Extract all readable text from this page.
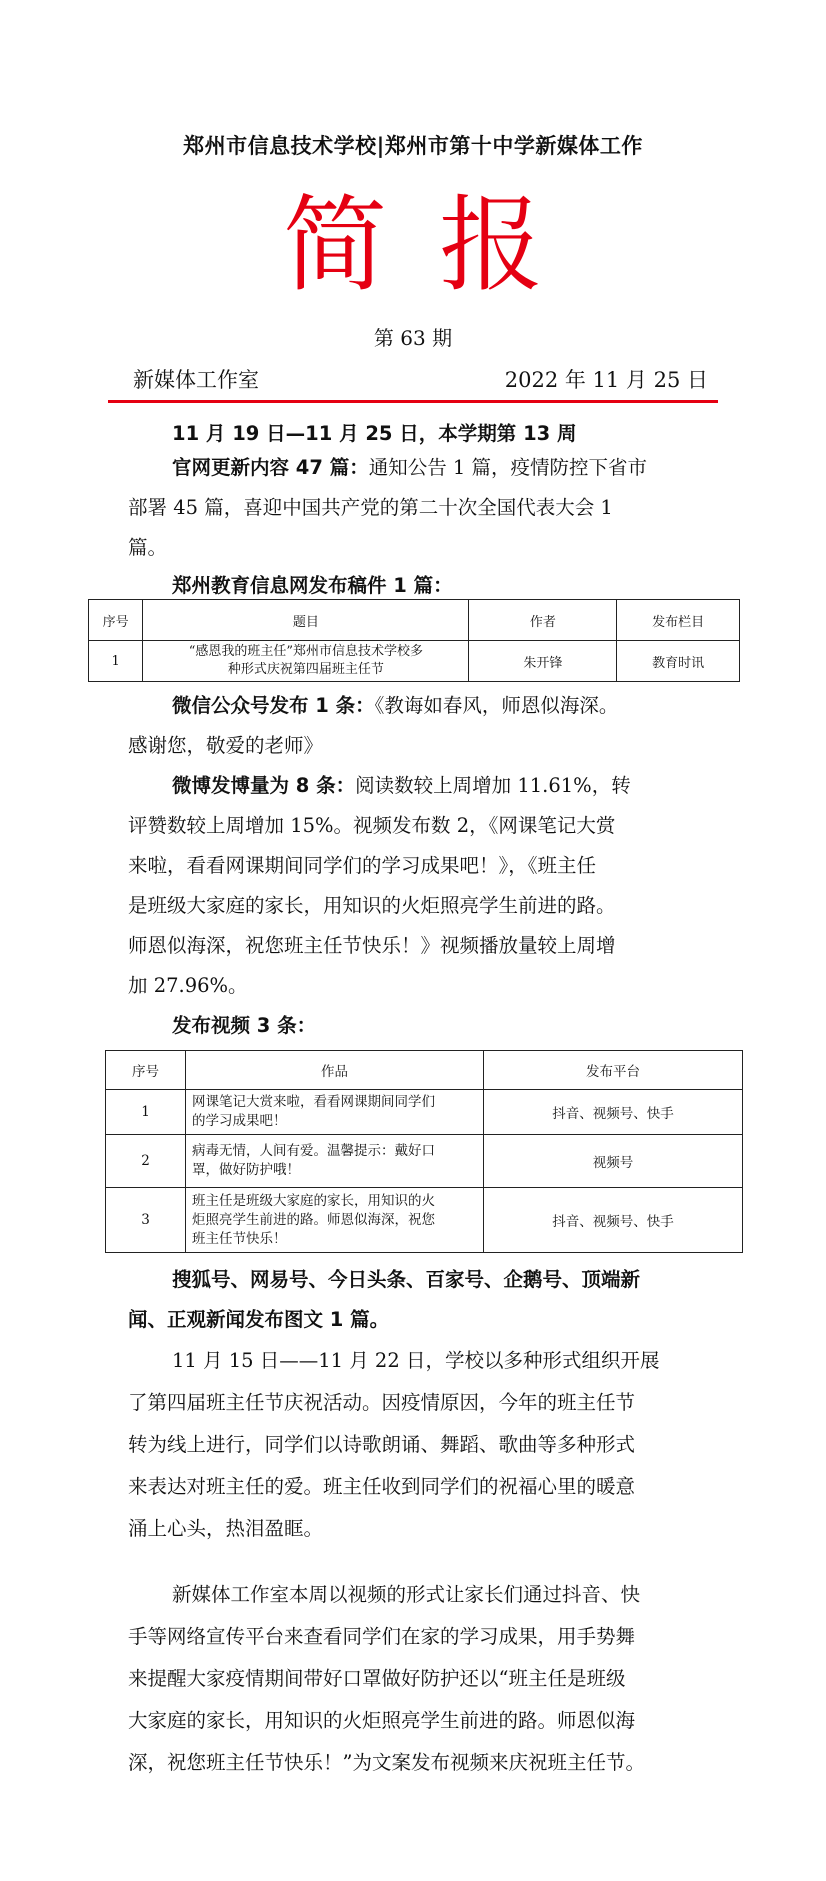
郑州市信息技术学校|郑州市第十中学新媒体工作
简报
第 63 期
新媒体工作室	2022 年 11 月 25 日
11 月 19 日—11 月 25 日，本学期第 13 周
官网更新内容 47 篇：通知公告 1 篇，疫情防控下省市
部署 45 篇，喜迎中国共产党的第二十次全国代表大会 1
篇。
郑州教育信息网发布稿件 1 篇：
序号	题目	作者	发布栏目
1	“感恩我的班主任”郑州市信息技术学校多
种形式庆祝第四届班主任节	朱开锋	教育时讯
微信公众号发布 1 条：《教诲如春风，师恩似海深。
感谢您，敬爱的老师》
微博发博量为 8 条：阅读数较上周增加 11.61%，转
评赞数较上周增加 15%。视频发布数 2，《网课笔记大赏
来啦，看看网课期间同学们的学习成果吧！》，《班主任
是班级大家庭的家长，用知识的火炬照亮学生前进的路。
师恩似海深，祝您班主任节快乐！》视频播放量较上周增
加 27.96%。
发布视频 3 条：
序号	作品	发布平台
1	网课笔记大赏来啦，看看网课期间同学们
的学习成果吧！	抖音、视频号、快手
2	病毒无情，人间有爱。温馨提示：戴好口
罩，做好防护哦！	视频号
3	班主任是班级大家庭的家长，用知识的火
炬照亮学生前进的路。师恩似海深，祝您
班主任节快乐！	抖音、视频号、快手
搜狐号、网易号、今日头条、百家号、企鹅号、顶端新
闻、正观新闻发布图文 1 篇。
11 月 15 日——11 月 22 日，学校以多种形式组织开展
了第四届班主任节庆祝活动。因疫情原因，今年的班主任节
转为线上进行，同学们以诗歌朗诵、舞蹈、歌曲等多种形式
来表达对班主任的爱。班主任收到同学们的祝福心里的暖意
涌上心头，热泪盈眶。
新媒体工作室本周以视频的形式让家长们通过抖音、快
手等网络宣传平台来查看同学们在家的学习成果，用手势舞
来提醒大家疫情期间带好口罩做好防护还以“班主任是班级
大家庭的家长，用知识的火炬照亮学生前进的路。师恩似海
深，祝您班主任节快乐！”为文案发布视频来庆祝班主任节。
